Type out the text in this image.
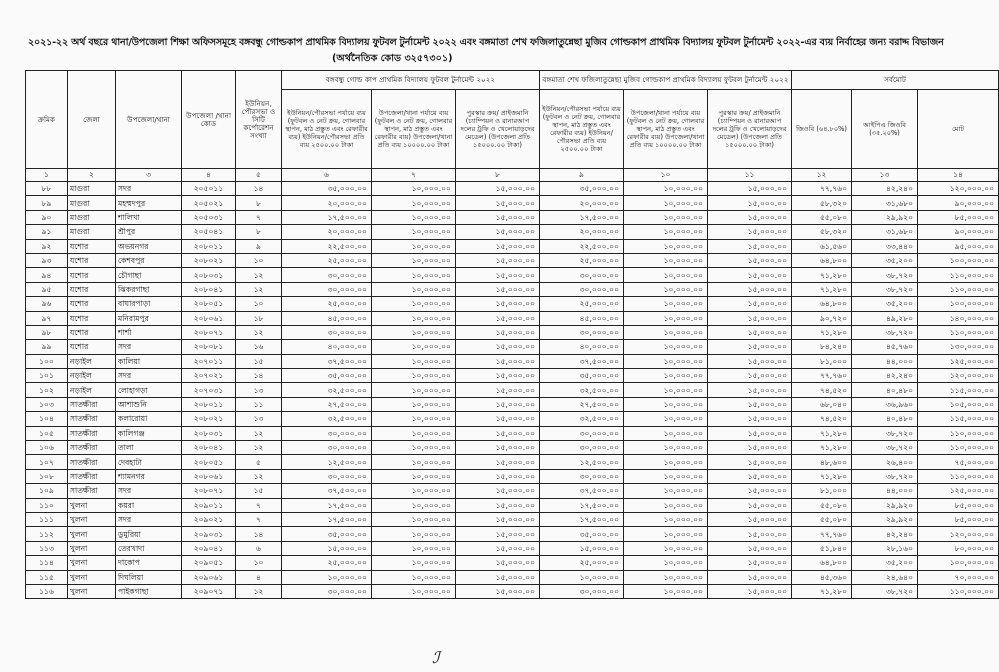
২০২১-২২ অর্থ বছরে থানা/উপজেলা শিক্ষা অফিসসমূহে বঙ্গবন্ধু গোল্ডকাপ প্রাথমিক বিদ্যালয় ফুটবল টুর্নামেন্ট ২০২২ এবং বঙ্গমাতা শেখ ফজিলাতুন্নেছা মুজিব গোল্ডকাপ প্রাথমিক বিদ্যালয় ফুটবল টুর্নামেন্ট ২০২২-এর ব্যয় নির্বাহের জন্য বরাদ্দ বিভাজন
(অর্থনৈতিক কোড ৩২৫৭৩০১)
ক্রমিক	জেলা	উপজেলা/থানা	উপজেলা /থানা কোড	ইউনিয়ন, পৌরসভা ও সিটি কর্পোরেশন সংখ্যা	বঙ্গবন্ধু গোল্ড কাপ প্রাথমিক বিদ্যালয় ফুটবল টুর্নামেন্ট ২০২২			বঙ্গমাতা শেখ ফজিলাতুন্নেছা মুজিব গোল্ডকাপ প্রাথমিক বিদ্যালয় ফুটবল টুর্নামেন্ট ২০২২			সর্বমোট		
					ইউনিয়ন/পৌরসভা পর্যায়ে ব্যয় (ফুটবল ও নেট ক্রয়, গোলবার স্থাপন, মাঠ প্রস্তুত এবং রেফারীর ব্যয়) ইউনিয়ন/পৌরসভা প্রতি ব্যয় ২৫০০.০০ টাকা	উপজেলা/থানা পর্যায়ে ব্যয় (ফুটবল ও নেট ক্রয়, গোলবার স্থাপন, মাঠ প্রস্তুত এবং রেফারীর ব্যয়) উপজেলা/থানা প্রতি ব্যয় ১০০০০.০০ টাকা	পুরস্কার ক্রয়/ প্রাইজমানি (চ্যাম্পিয়ন ও রানারআপ দলের ট্রফি ও খেলোয়াড়দের মেডেল) (উপজেলা প্রতি ১৫০০০.০০ টাকা)	ইউনিয়ন/পৌরসভা পর্যায়ে ব্যয় (ফুটবল ও নেট ক্রয়, গোলবার স্থাপন, মাঠ প্রস্তুত এবং রেফারীর ব্যয়) ইউনিয়ন/পৌরসভা প্রতি ব্যয় ২৫০০.০০ টাকা	উপজেলা/থানা পর্যায়ে ব্যয় (ফুটবল ও নেট ক্রয়, গোলবার স্থাপন, মাঠ প্রস্তুত এবং রেফারীর ব্যয়) উপজেলা/থানা প্রতি ব্যয় ১০০০০.০০ টাকা	পুরস্কার ক্রয়/ প্রাইজমানি (চ্যাম্পিয়ন ও রানারআপ দলের ট্রফি ও খেলোয়াড়দের মেডেল) (উপজেলা প্রতি ১৫০০০.০০ টাকা)	জিওবি (৬৪.৮০%)	আইপিএ জিওবি (৩৫.২০%)	মোট
১	২	৩	৪	৫	৬	৭	৮	৯	১০	১১	১২	১৩	১৪
৮৮	মাগুরা	সদর	২০৫০১১	১৪	৩৫,০০০.০০	১০,০০০.০০	১৫,০০০.০০	৩৫,০০০.০০	১০,০০০.০০	১৫,০০০.০০	৭৭,৭৬০	৪২,২৪০	১২০,০০০.০০
৮৯	মাগুরা	মহম্মদপুর	২০৫০২১	৮	২০,০০০.০০	১০,০০০.০০	১৫,০০০.০০	২০,০০০.০০	১০,০০০.০০	১৫,০০০.০০	৫৮,৩২০	৩১,৬৮০	৯০,০০০.০০
৯০	মাগুরা	শালিখা	২০৫০৩১	৭	১৭,৫০০.০০	১০,০০০.০০	১৫,০০০.০০	১৭,৫০০.০০	১০,০০০.০০	১৫,০০০.০০	৫৫,০৮০	২৯,৯২০	৮৫,০০০.০০
৯১	মাগুরা	শ্রীপুর	২০৫০৪১	৮	২০,০০০.০০	১০,০০০.০০	১৫,০০০.০০	২০,০০০.০০	১০,০০০.০০	১৫,০০০.০০	৫৮,৩২০	৩১,৬৮০	৯০,০০০.০০
৯২	যশোর	অভয়নগর	২০৮০১১	৯	২২,৫০০.০০	১০,০০০.০০	১৫,০০০.০০	২২,৫০০.০০	১০,০০০.০০	১৫,০০০.০০	৬১,৫৬০	৩৩,৪৪০	৯৫,০০০.০০
৯৩	যশোর	কেশবপুর	২০৮০২১	১০	২৫,০০০.০০	১০,০০০.০০	১৫,০০০.০০	২৫,০০০.০০	১০,০০০.০০	১৫,০০০.০০	৬৪,৮০০	৩৫,২০০	১০০,০০০.০০
৯৪	যশোর	চৌগাছা	২০৮০৩১	১২	৩০,০০০.০০	১০,০০০.০০	১৫,০০০.০০	৩০,০০০.০০	১০,০০০.০০	১৫,০০০.০০	৭১,২৮০	৩৮,৭২০	১১০,০০০.০০
৯৫	যশোর	ঝিকরগাছা	২০৮০৪১	১২	৩০,০০০.০০	১০,০০০.০০	১৫,০০০.০০	৩০,০০০.০০	১০,০০০.০০	১৫,০০০.০০	৭১,২৮০	৩৮,৭২০	১১০,০০০.০০
৯৬	যশোর	বাঘারপাড়া	২০৮০৫১	১০	২৫,০০০.০০	১০,০০০.০০	১৫,০০০.০০	২৫,০০০.০০	১০,০০০.০০	১৫,০০০.০০	৬৪,৮০০	৩৫,২০০	১০০,০০০.০০
৯৭	যশোর	মনিরামপুর	২০৮০৬১	১৮	৪৫,০০০.০০	১০,০০০.০০	১৫,০০০.০০	৪৫,০০০.০০	১০,০০০.০০	১৫,০০০.০০	৯০,৭২০	৪৯,২৮০	১৪০,০০০.০০
৯৮	যশোর	শার্শা	২০৮০৭১	১২	৩০,০০০.০০	১০,০০০.০০	১৫,০০০.০০	৩০,০০০.০০	১০,০০০.০০	১৫,০০০.০০	৭১,২৮০	৩৮,৭২০	১১০,০০০.০০
৯৯	যশোর	সদর	২০৮০৮১	১৬	৪০,০০০.০০	১০,০০০.০০	১৫,০০০.০০	৪০,০০০.০০	১০,০০০.০০	১৫,০০০.০০	৮৪,২৪০	৪৫,৭৬০	১৩০,০০০.০০
১০০	নড়াইল	কালিয়া	২০৭০১১	১৫	৩৭,৫০০.০০	১০,০০০.০০	১৫,০০০.০০	৩৭,৫০০.০০	১০,০০০.০০	১৫,০০০.০০	৮১,০০০	৪৪,০০০	১২৫,০০০.০০
১০১	নড়াইল	সদর	২০৭০২১	১৪	৩৫,০০০.০০	১০,০০০.০০	১৫,০০০.০০	৩৫,০০০.০০	১০,০০০.০০	১৫,০০০.০০	৭৭,৭৬০	৪২,২৪০	১২০,০০০.০০
১০২	নড়াইল	লোহাগড়া	২০৭০৩১	১৩	৩২,৫০০.০০	১০,০০০.০০	১৫,০০০.০০	৩২,৫০০.০০	১০,০০০.০০	১৫,০০০.০০	৭৪,৫২০	৪০,৪৮০	১১৫,০০০.০০
১০৩	সাতক্ষীরা	আশাশুনি	২০৮০১১	১১	২৭,৫০০.০০	১০,০০০.০০	১৫,০০০.০০	২৭,৫০০.০০	১০,০০০.০০	১৫,০০০.০০	৬৮,০৪০	৩৬,৯৬০	১০৫,০০০.০০
১০৪	সাতক্ষীরা	কলারোয়া	২০৮০২১	১৩	৩২,৫০০.০০	১০,০০০.০০	১৫,০০০.০০	৩২,৫০০.০০	১০,০০০.০০	১৫,০০০.০০	৭৪,৫২০	৪০,৪৮০	১১৫,০০০.০০
১০৫	সাতক্ষীরা	কালিগঞ্জ	২০৮০৩১	১২	৩০,০০০.০০	১০,০০০.০০	১৫,০০০.০০	৩০,০০০.০০	১০,০০০.০০	১৫,০০০.০০	৭১,২৮০	৩৮,৭২০	১১০,০০০.০০
১০৬	সাতক্ষীরা	তালা	২০৮০৪১	১২	৩০,০০০.০০	১০,০০০.০০	১৫,০০০.০০	৩০,০০০.০০	১০,০০০.০০	১৫,০০০.০০	৭১,২৮০	৩৮,৭২০	১১০,০০০.০০
১০৭	সাতক্ষীরা	দেবহাটা	২০৮০৫১	৫	১২,৫০০.০০	১০,০০০.০০	১৫,০০০.০০	১২,৫০০.০০	১০,০০০.০০	১৫,০০০.০০	৪৮,৬০০	২৬,৪০০	৭৫,০০০.০০
১০৮	সাতক্ষীরা	শ্যামনগর	২০৮০৬১	১২	৩০,০০০.০০	১০,০০০.০০	১৫,০০০.০০	৩০,০০০.০০	১০,০০০.০০	১৫,০০০.০০	৭১,২৮০	৩৮,৭২০	১১০,০০০.০০
১০৯	সাতক্ষীরা	সদর	২০৮০৭১	১৫	৩৭,৫০০.০০	১০,০০০.০০	১৫,০০০.০০	৩৭,৫০০.০০	১০,০০০.০০	১৫,০০০.০০	৮১,০০০	৪৪,০০০	১২৫,০০০.০০
১১০	খুলনা	কয়রা	২০৯০১১	৭	১৭,৫০০.০০	১০,০০০.০০	১৫,০০০.০০	১৭,৫০০.০০	১০,০০০.০০	১৫,০০০.০০	৫৫,০৮০	২৯,৯২০	৮৫,০০০.০০
১১১	খুলনা	সদর	২০৯০২১	৭	১৭,৫০০.০০	১০,০০০.০০	১৫,০০০.০০	১৭,৫০০.০০	১০,০০০.০০	১৫,০০০.০০	৫৫,০৮০	২৯,৯২০	৮৫,০০০.০০
১১২	খুলনা	ডুমুরিয়া	২০৯০৩১	১৪	৩৫,০০০.০০	১০,০০০.০০	১৫,০০০.০০	৩৫,০০০.০০	১০,০০০.০০	১৫,০০০.০০	৭৭,৭৬০	৪২,২৪০	১২০,০০০.০০
১১৩	খুলনা	তেরখাদা	২০৯০৪১	৬	১৫,০০০.০০	১০,০০০.০০	১৫,০০০.০০	১৫,০০০.০০	১০,০০০.০০	১৫,০০০.০০	৫১,৮৪০	২৮,১৬০	৮০,০০০.০০
১১৪	খুলনা	দাকোপ	২০৯০৫১	১০	২৫,০০০.০০	১০,০০০.০০	১৫,০০০.০০	২৫,০০০.০০	১০,০০০.০০	১৫,০০০.০০	৬৪,৮০০	৩৫,২০০	১০০,০০০.০০
১১৫	খুলনা	দিঘলিয়া	২০৯০৬১	৪	১০,০০০.০০	১০,০০০.০০	১৫,০০০.০০	১০,০০০.০০	১০,০০০.০০	১৫,০০০.০০	৪৫,৩৬০	২৪,৬৪০	৭০,০০০.০০
১১৬	খুলনা	পাইকগাছা	২০৯০৭১	১২	৩০,০০০.০০	১০,০০০.০০	১৫,০০০.০০	৩০,০০০.০০	১০,০০০.০০	১৫,০০০.০০	৭১,২৮০	৩৮,৭২০	১১০,০০০.০০
ℐ
